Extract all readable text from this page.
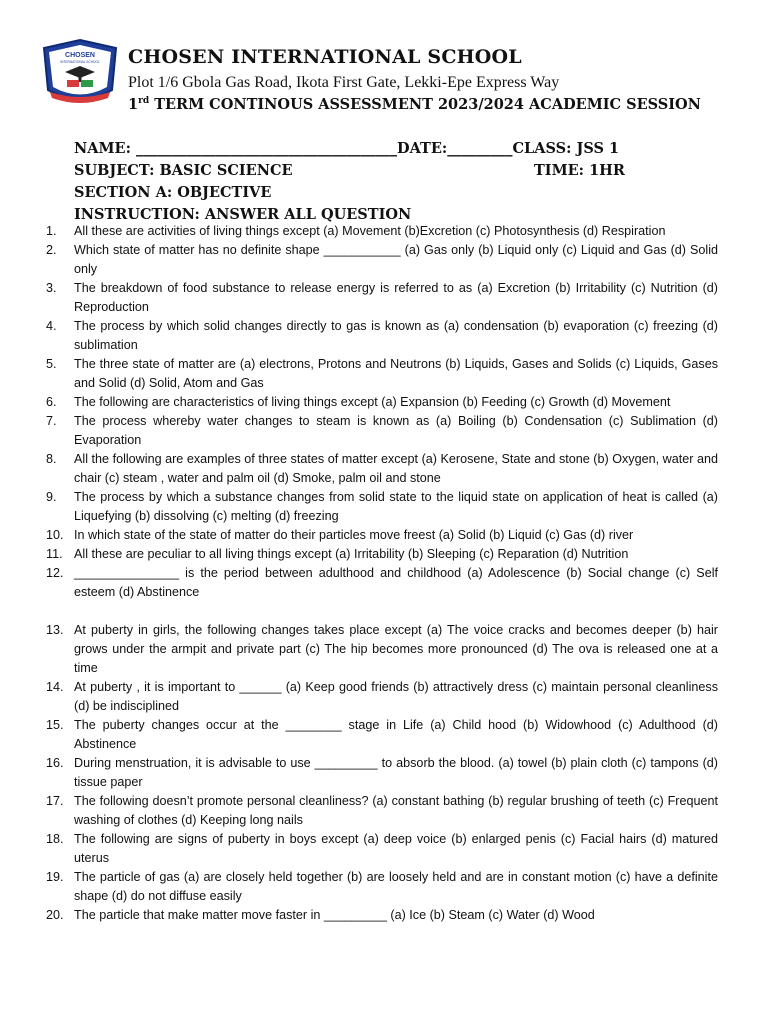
CHOSEN
INTERNATIONAL SCHOOL CHOSEN INTERNATIONAL SCHOOL
Plot 1/6 Gbola Gas Road, Ikota First Gate, Lekki-Epe Express Way
1rd TERM CONTINOUS ASSESSMENT 2023/2024 ACADEMIC SESSION
NAME: ____________________________________DATE:_________CLASS: JSS 1
SUBJECT: BASIC SCIENCE	TIME: 1HR
SECTION A: OBJECTIVE
INSTRUCTION: ANSWER ALL QUESTION
1.	All these are activities of living things except (a) Movement (b)Excretion (c) Photosynthesis (d) Respiration
2.	Which state of matter has no definite shape ___________ (a) Gas only (b) Liquid only (c) Liquid and Gas (d) Solid only
3.	The breakdown of food substance to release energy is referred to as (a) Excretion (b) Irritability (c) Nutrition (d) Reproduction
4.	The process by which solid changes directly to gas is known as (a) condensation (b) evaporation (c) freezing (d) sublimation
5.	The three state of matter are (a) electrons, Protons and Neutrons (b) Liquids, Gases and Solids (c) Liquids, Gases and Solid (d) Solid, Atom and Gas
6.	The following are characteristics of living things except (a) Expansion (b) Feeding (c) Growth (d) Movement
7.	The process whereby water changes to steam is known as (a) Boiling (b) Condensation (c) Sublimation (d) Evaporation
8.	All the following are examples of three states of matter except (a) Kerosene, State and stone (b) Oxygen, water and chair (c) steam , water and palm oil (d) Smoke, palm oil and stone
9.	The process by which a substance changes from solid state to the liquid state on application of heat is called (a) Liquefying (b) dissolving (c) melting (d) freezing
10. In which state of the state of matter do their particles move freest (a) Solid (b) Liquid (c) Gas (d) river
11. All these are peculiar to all living things except (a) Irritability (b) Sleeping (c) Reparation (d) Nutrition
12. _______________ is the period between adulthood and childhood (a) Adolescence (b) Social change (c) Self esteem (d) Abstinence
13. At puberty in girls, the following changes takes place except (a) The voice cracks and becomes deeper (b) hair grows under the armpit and private part (c) The hip becomes more pronounced (d) The ova is released one at a time
14. At puberty , it is important to ______ (a) Keep good friends (b) attractively dress (c) maintain personal cleanliness (d) be indisciplined
15. The puberty changes occur at the ________ stage in Life (a) Child hood (b) Widowhood (c) Adulthood (d) Abstinence
16. During menstruation, it is advisable to use _________ to absorb the blood. (a) towel (b) plain cloth (c) tampons (d) tissue paper
17. The following doesn’t promote personal cleanliness? (a) constant bathing (b) regular brushing of teeth (c) Frequent washing of clothes (d) Keeping long nails
18. The following are signs of puberty in boys except (a) deep voice (b) enlarged penis (c) Facial hairs (d) matured uterus
19. The particle of gas (a) are closely held together (b) are loosely held and are in constant motion (c) have a definite shape (d) do not diffuse easily
20. The particle that make matter move faster in _________ (a) Ice (b) Steam (c) Water (d) Wood
